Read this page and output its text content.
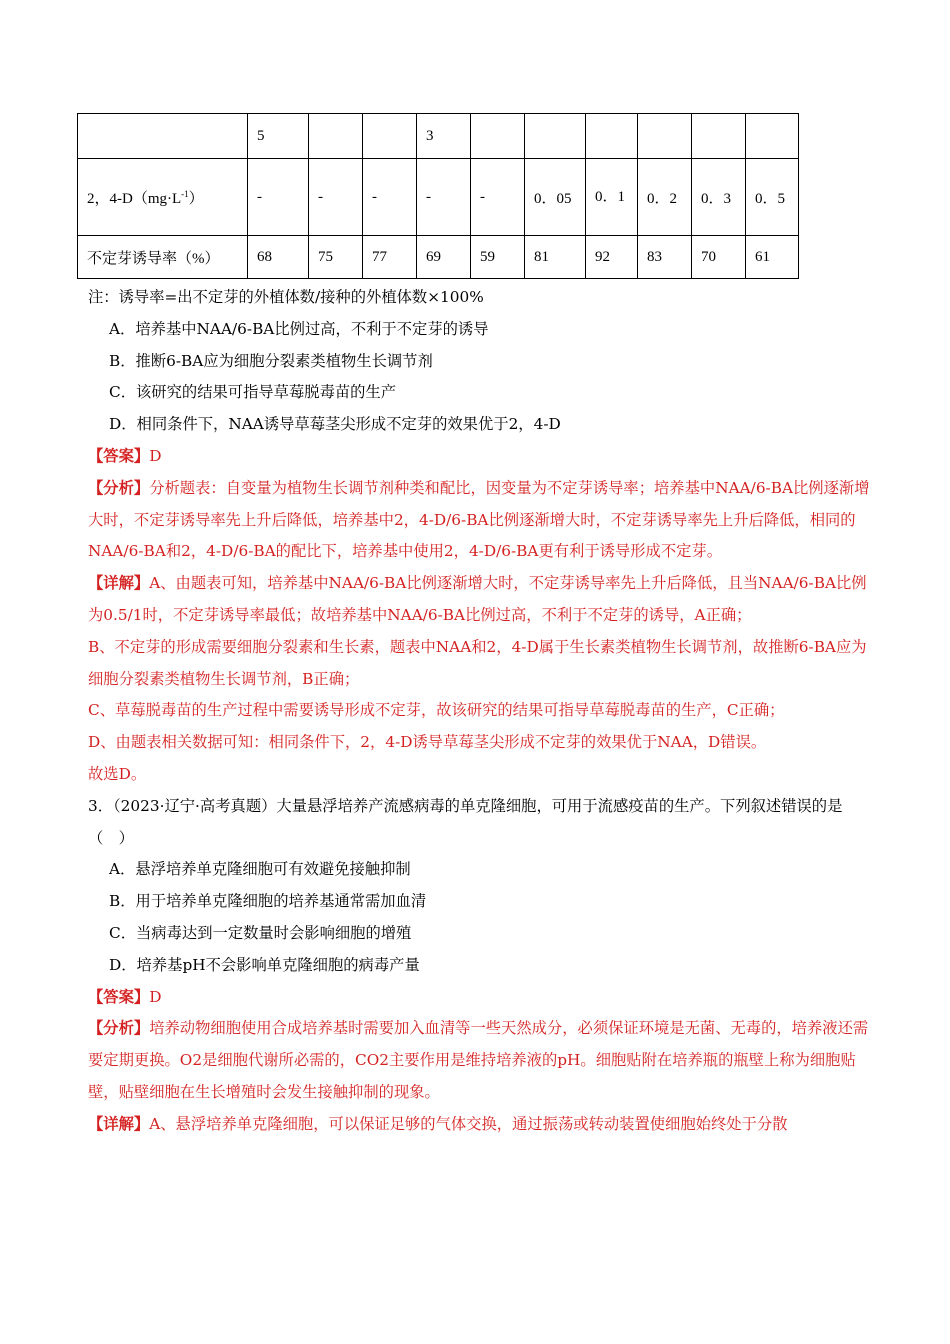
	5			3						
2，$4-D(mg\cdot L^{-1})$	-	-	-	-	-	0．05	0．1	0．2	0．3	0．5
不定芽诱导率（%）	68	75	77	69	59	81	92	83	70	61

注：诱导率=出不定芽的外植体数/接种的外植体数×100%

A．培养基中NAA/6-BA比例过高，不利于不定芽的诱导

B．推断6-BA应为细胞分裂素类植物生长调节剂

C．该研究的结果可指导草莓脱毒苗的生产

D．相同条件下，NAA诱导草莓茎尖形成不定芽的效果优于2，4-D

【答案】D

【分析】分析题表：自变量为植物生长调节剂种类和配比，因变量为不定芽诱导率；培养基中NAA/6-BA比例逐渐增大时，不定芽诱导率先上升后降低，培养基中2，4-D/6-BA比例逐渐增大时，不定芽诱导率先上升后降低，相同的NAA/6-BA和2，4-D/6-BA的配比下，培养基中使用2，4-D/6-BA更有利于诱导形成不定芽。

【详解】A、由题表可知，培养基中NAA/6-BA比例逐渐增大时，不定芽诱导率先上升后降低，且当NAA/6-BA比例为0.5/1时，不定芽诱导率最低；故培养基中NAA/6-BA比例过高，不利于不定芽的诱导，A正确；

B、不定芽的形成需要细胞分裂素和生长素，题表中NAA和2，4-D属于生长素类植物生长调节剂，故推断6-BA应为细胞分裂素类植物生长调节剂，B正确；

C、草莓脱毒苗的生产过程中需要诱导形成不定芽，故该研究的结果可指导草莓脱毒苗的生产，C正确；

D、由题表相关数据可知：相同条件下，2，4-D诱导草莓茎尖形成不定芽的效果优于NAA，D错误。

故选D。

3．（2023·辽宁·高考真题）大量悬浮培养产流感病毒的单克隆细胞，可用于流感疫苗的生产。下列叙述错误的是（　）

A．悬浮培养单克隆细胞可有效避免接触抑制

B．用于培养单克隆细胞的培养基通常需加血清

C．当病毒达到一定数量时会影响细胞的增殖

D．培养基pH不会影响单克隆细胞的病毒产量

【答案】D

【分析】培养动物细胞使用合成培养基时需要加入血清等一些天然成分，必须保证环境是无菌、无毒的，培养液还需要定期更换。O2是细胞代谢所必需的，CO2主要作用是维持培养液的pH。细胞贴附在培养瓶的瓶壁上称为细胞贴壁，贴壁细胞在生长增殖时会发生接触抑制的现象。

【详解】A、悬浮培养单克隆细胞，可以保证足够的气体交换，通过振荡或转动装置使细胞始终处于分散
